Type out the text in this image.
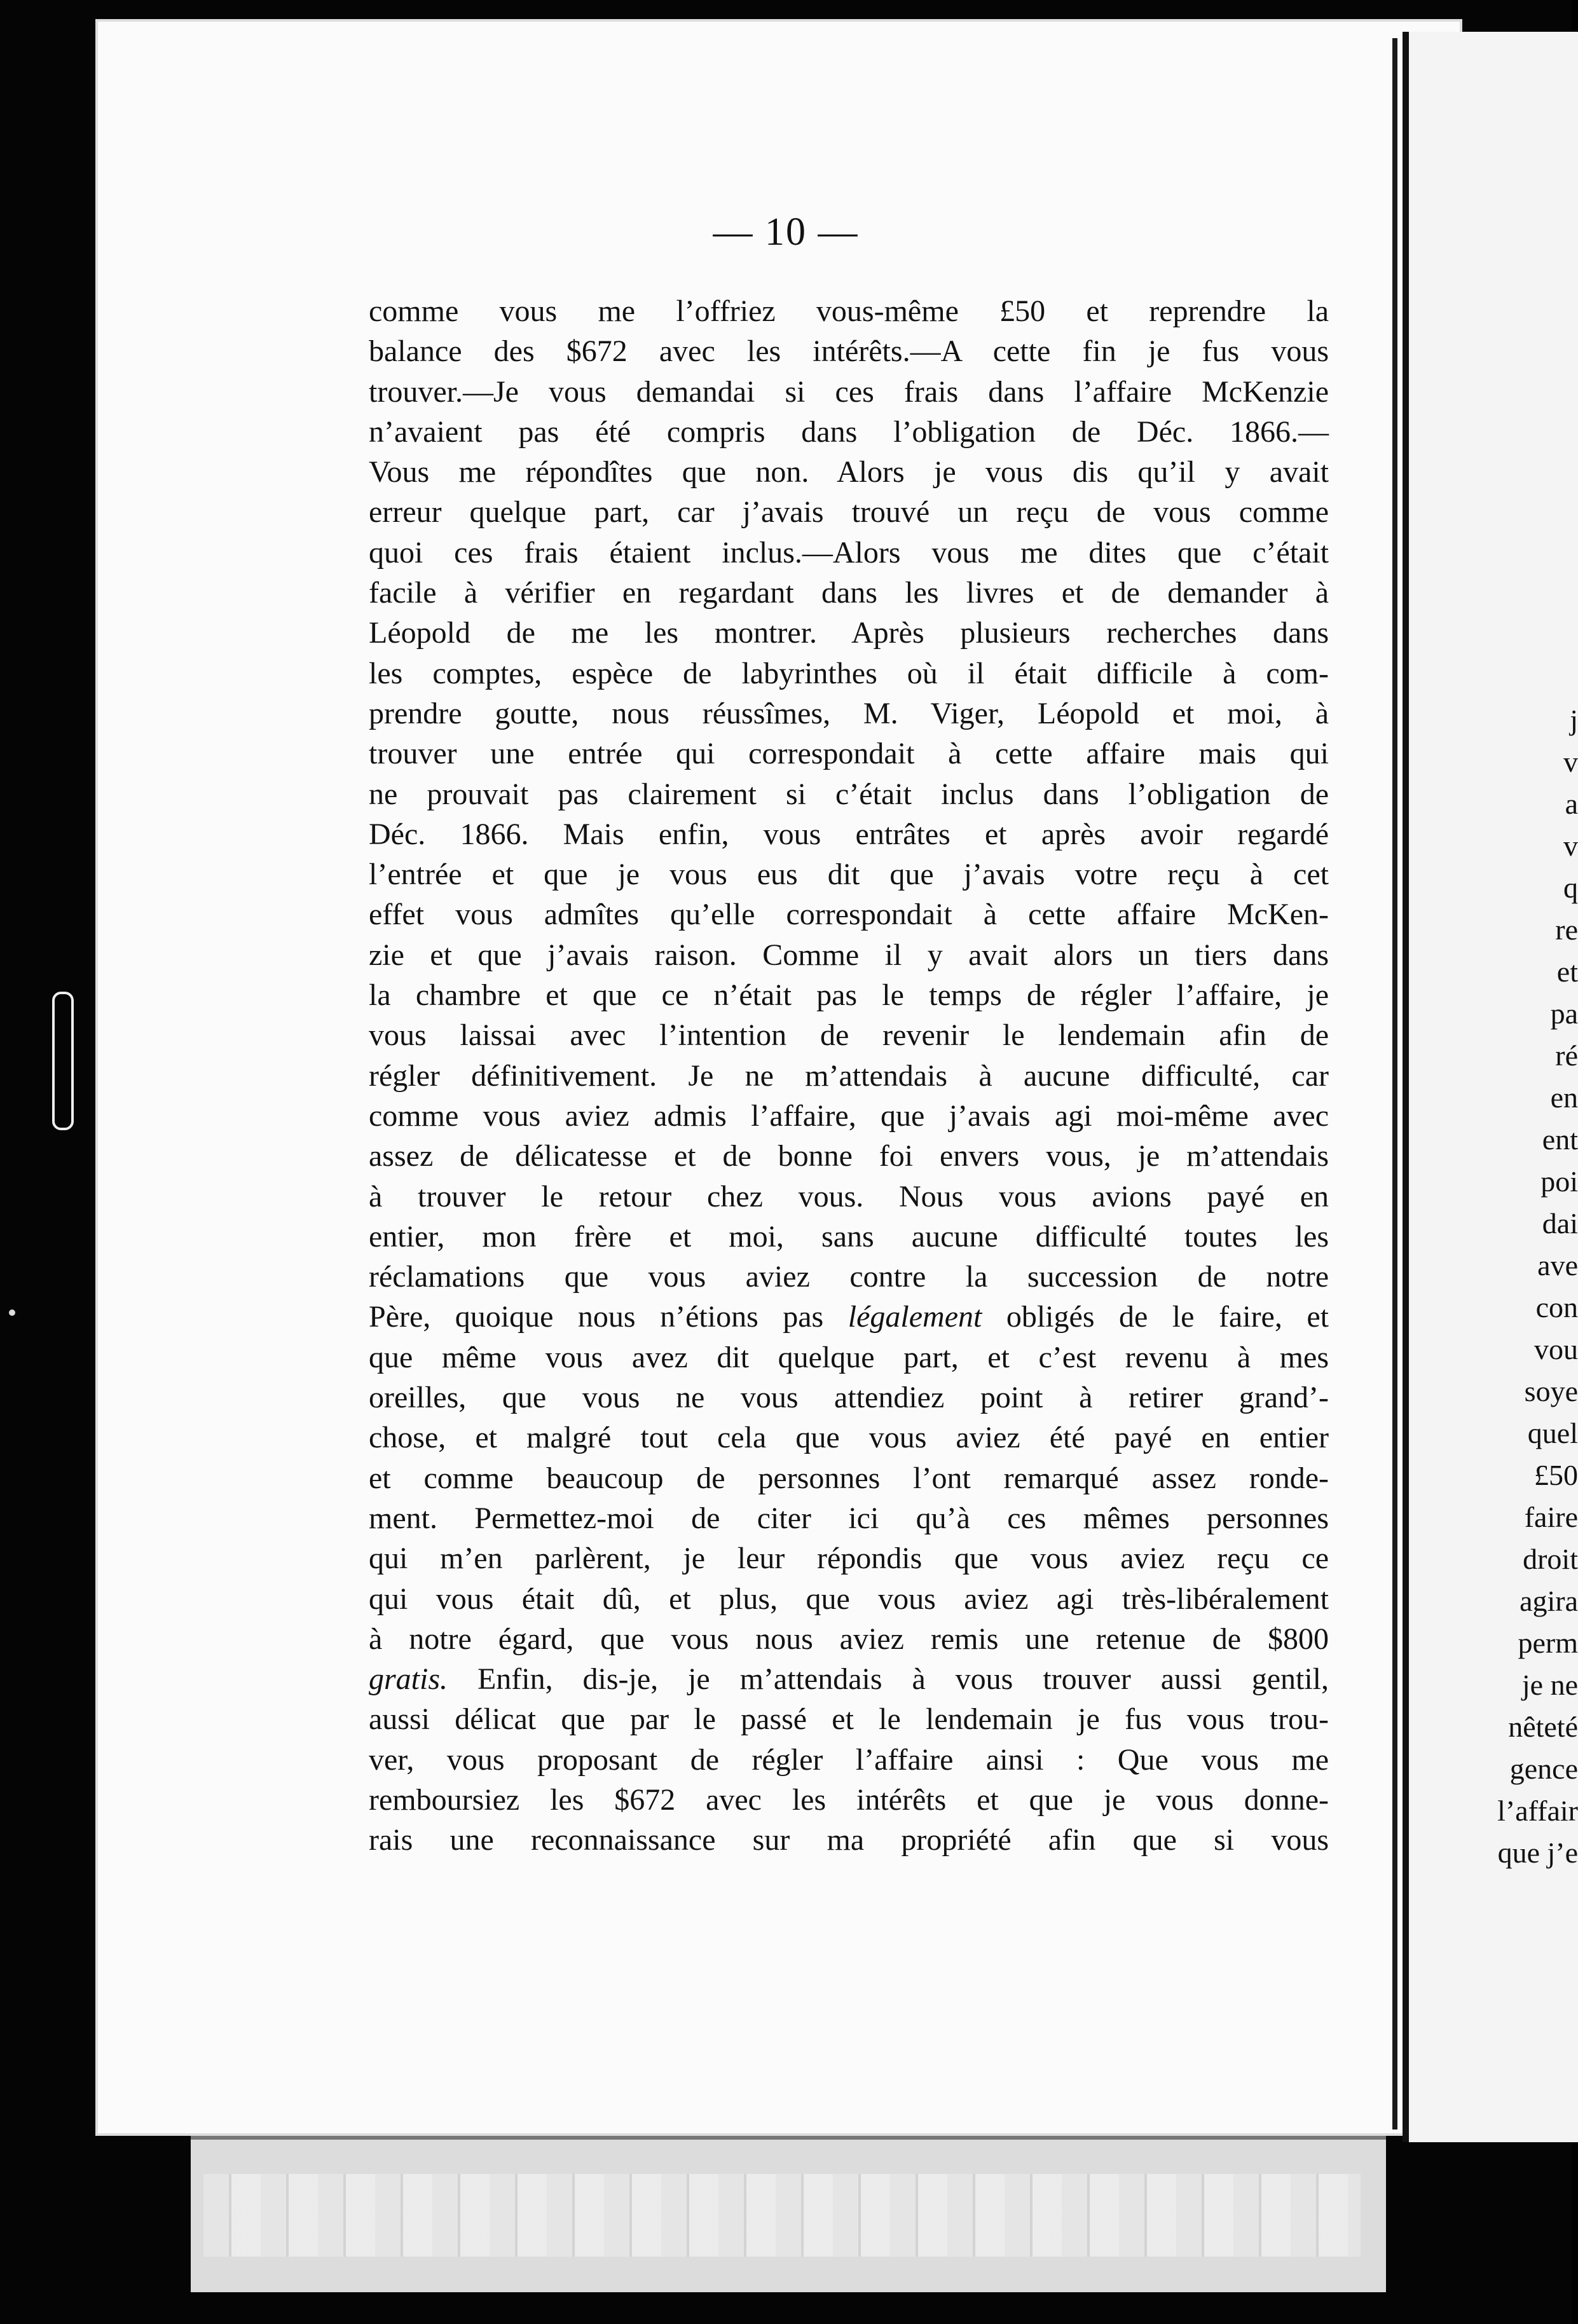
j
v
a
v
q
re
et
pa
ré
en
ent
poi
dai
ave
con
vou
soye
quel
£50
faire
droit
agira
perm
je ne
nêteté
gence
l’affair
que j’e
— 10 —
comme vous me l’offriez vous-même £50 et reprendre la
balance des $672 avec les intérêts.—A cette fin je fus vous
trouver.—Je vous demandai si ces frais dans l’affaire McKenzie
n’avaient pas été compris dans l’obligation de Déc. 1866.—
Vous me répondîtes que non. Alors je vous dis qu’il y avait
erreur quelque part, car j’avais trouvé un reçu de vous comme
quoi ces frais étaient inclus.—Alors vous me dites que c’était
facile à vérifier en regardant dans les livres et de demander à
Léopold de me les montrer. Après plusieurs recherches dans
les comptes, espèce de labyrinthes où il était difficile à com-
prendre goutte, nous réussîmes, M. Viger, Léopold et moi, à
trouver une entrée qui correspondait à cette affaire mais qui
ne prouvait pas clairement si c’était inclus dans l’obligation de
Déc. 1866. Mais enfin, vous entrâtes et après avoir regardé
l’entrée et que je vous eus dit que j’avais votre reçu à cet
effet vous admîtes qu’elle correspondait à cette affaire McKen-
zie et que j’avais raison. Comme il y avait alors un tiers dans
la chambre et que ce n’était pas le temps de régler l’affaire, je
vous laissai avec l’intention de revenir le lendemain afin de
régler définitivement. Je ne m’attendais à aucune difficulté, car
comme vous aviez admis l’affaire, que j’avais agi moi-même avec
assez de délicatesse et de bonne foi envers vous, je m’attendais
à trouver le retour chez vous. Nous vous avions payé en
entier, mon frère et moi, sans aucune difficulté toutes les
réclamations que vous aviez contre la succession de notre
Père, quoique nous n’étions pas légalement obligés de le faire, et
que même vous avez dit quelque part, et c’est revenu à mes
oreilles, que vous ne vous attendiez point à retirer grand’-
chose, et malgré tout cela que vous aviez été payé en entier
et comme beaucoup de personnes l’ont remarqué assez ronde-
ment. Permettez-moi de citer ici qu’à ces mêmes personnes
qui m’en parlèrent, je leur répondis que vous aviez reçu ce
qui vous était dû, et plus, que vous aviez agi très-libéralement
à notre égard, que vous nous aviez remis une retenue de $800
gratis. Enfin, dis-je, je m’attendais à vous trouver aussi gentil,
aussi délicat que par le passé et le lendemain je fus vous trou-
ver, vous proposant de régler l’affaire ainsi : Que vous me
remboursiez les $672 avec les intérêts et que je vous donne-
rais une reconnaissance sur ma propriété afin que si vous
